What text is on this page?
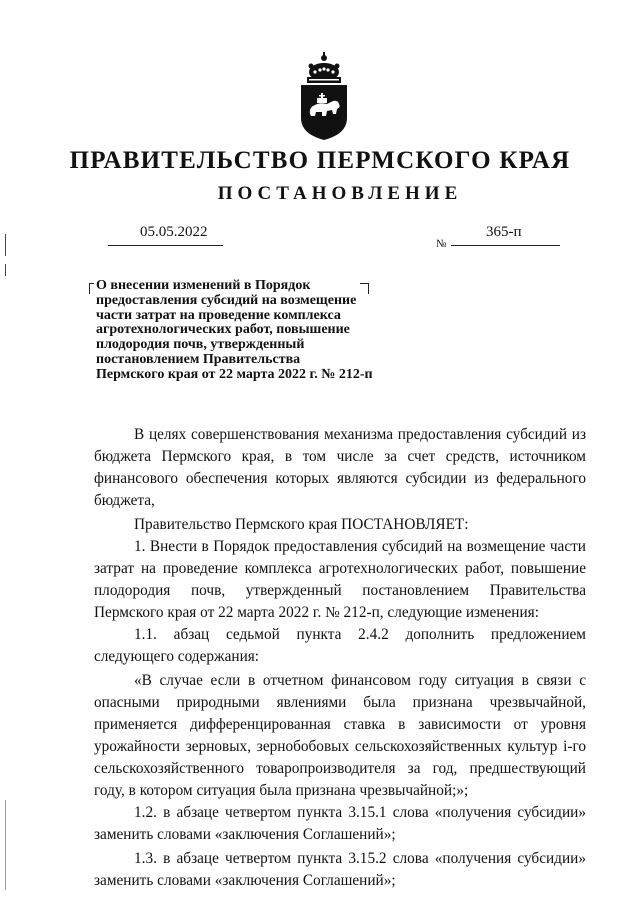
ПРАВИТЕЛЬСТВО ПЕРМСКОГО КРАЯ
ПОСТАНОВЛЕНИЕ
05.05.2022
№
365-п
О внесении изменений в Порядок
предоставления субсидий на возмещение
части затрат на проведение комплекса
агротехнологических работ, повышение
плодородия почв, утвержденный
постановлением Правительства
Пермского края от 22 марта 2022 г. № 212-п

В целях совершенствования механизма предоставления субсидий из бюджета Пермского края, в том числе за счет средств, источником финансового обеспечения которых являются субсидии из федерального бюджета,

Правительство Пермского края ПОСТАНОВЛЯЕТ:

1. Внести в Порядок предоставления субсидий на возмещение части затрат на проведение комплекса агротехнологических работ, повышение плодородия почв, утвержденный постановлением Правительства Пермского края от 22 марта 2022 г. № 212-п, следующие изменения:

1.1. абзац седьмой пункта 2.4.2 дополнить предложением следующего содержания:

«В случае если в отчетном финансовом году ситуация в связи с опасными природными явлениями была признана чрезвычайной, применяется дифференцированная ставка в зависимости от уровня урожайности зерновых, зернобобовых сельскохозяйственных культур i-го сельскохозяйственного товаропроизводителя за год, предшествующий году, в котором ситуация была признана чрезвычайной;»;

1.2. в абзаце четвертом пункта 3.15.1 слова «получения субсидии» заменить словами «заключения Соглашений»;

1.3. в абзаце четвертом пункта 3.15.2 слова «получения субсидии» заменить словами «заключения Соглашений»;
